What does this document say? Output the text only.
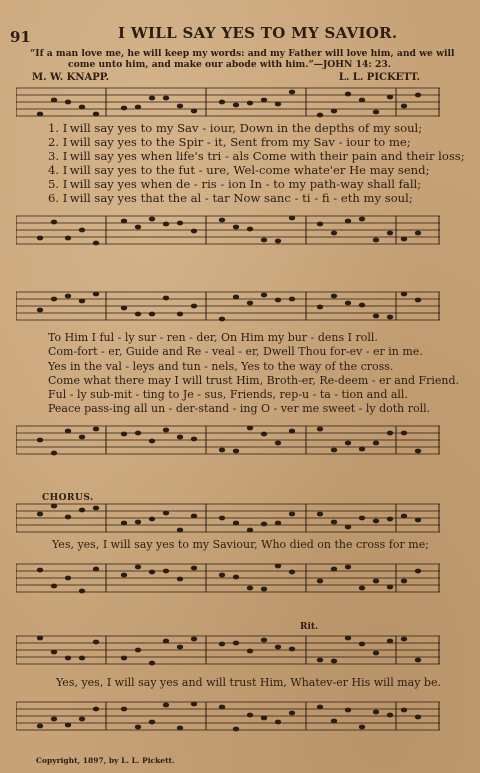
91	I WILL SAY YES TO MY SAVIOR.
“If a man love me, he will keep my words: and my Father will love him, and we will
come unto him, and make our abode with him.”—JOHN 14: 23.
M. W. KNAPP.	L. L. PICKETT.
1. I will say yes to my Sav - iour, Down in the depths of my soul;
2. I will say yes to the Spir - it, Sent from my Sav - iour to me;
3. I will say yes when life's tri - als Come with their pain and their loss;
4. I will say yes to the fut - ure, Wel-come whate'er He may send;
5. I will say yes when de - ris - ion In - to my path-way shall fall;
6. I will say yes that the al - tar Now sanc - ti - fi - eth my soul;
To Him I ful - ly sur - ren - der, On Him my bur - dens I roll.
Com-fort - er, Guide and Re - veal - er, Dwell Thou for-ev - er in me.
Yes in the val - leys and tun - nels, Yes to the way of the cross.
Come what there may I will trust Him, Broth-er, Re-deem - er and Friend.
Ful - ly sub-mit - ting to Je - sus, Friends, rep-u - ta - tion and all.
Peace pass-ing all un - der-stand - ing O - ver me sweet - ly doth roll.
CHORUS.
Yes, yes, I will say yes to my Saviour, Who died on the cross for me;
Rit.
Yes, yes, I will say yes and will trust Him, Whatev-er His will may be.
Copyright, 1897, by L. L. Pickett.
